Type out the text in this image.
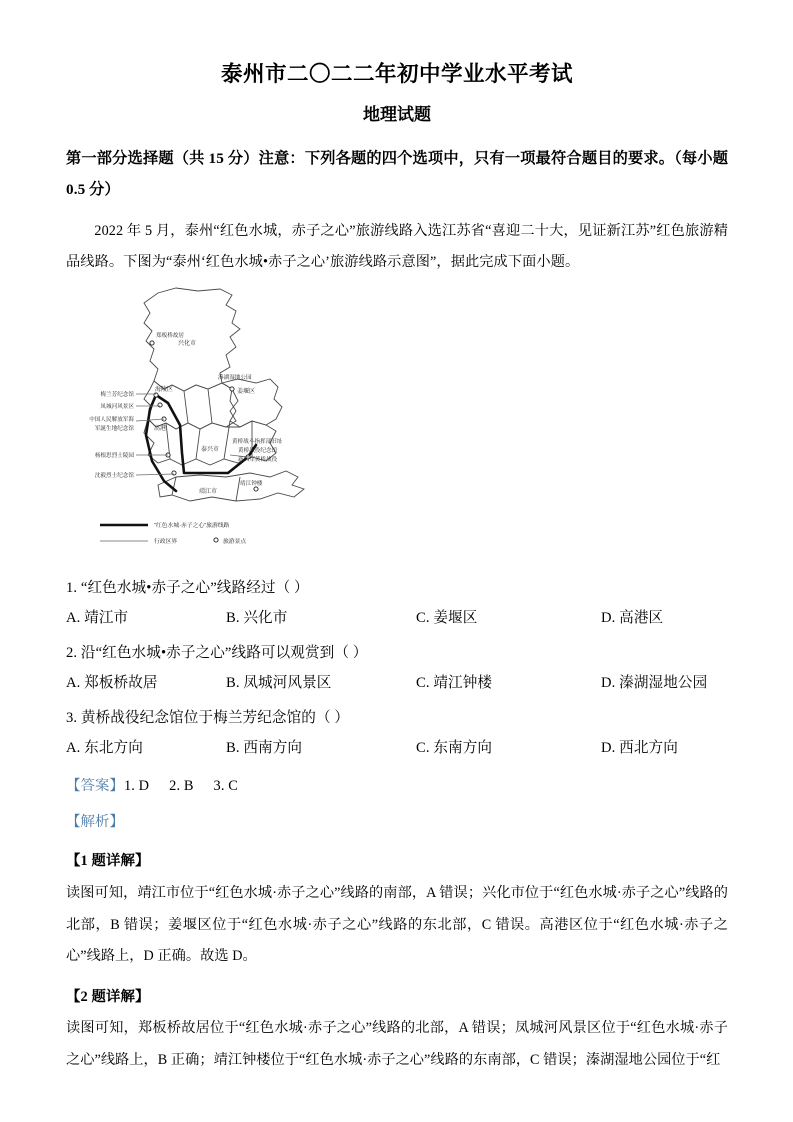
泰州市二〇二二年初中学业水平考试
地理试题
第一部分选择题（共 15 分）注意：下列各题的四个选项中，只有一项最符合题目的要求。（每小题 0.5 分）
2022 年 5 月，泰州“红色水城，赤子之心”旅游线路入选江苏省“喜迎二十大，见证新江苏”红色旅游精品线路。下图为“泰州‘红色水城•赤子之心’旅游线路示意图”，据此完成下面小题。
兴化市
海陵区	姜堰区
高港
泰兴市
靖江市
梅兰芳纪念馆
凤城河风景区
中国人民解放军海
军誕生地纪念馆
杨根思烈士陵园
沈毅烈士纪念馆
郑板桥故居
溱湖湿地公园
黄桥战斗指挥部旧址
黄桥战役纪念馆
新四军黄桥战役
靖江钟楼
“红色水城·赤子之心”旅游线路
行政区界	旅游景点
1. “红色水城•赤子之心”线路经过（ ）
A. 靖江市	B. 兴化市	C. 姜堰区	D. 高港区
2. 沿“红色水城•赤子之心”线路可以观赏到（ ）
A. 郑板桥故居	B. 凤城河风景区	C. 靖江钟楼	D. 溱湖湿地公园
3. 黄桥战役纪念馆位于梅兰芳纪念馆的（ ）
A. 东北方向	B. 西南方向	C. 东南方向	D. 西北方向
【答案】1. D 2. B 3. C
【解析】
【1 题详解】
读图可知，靖江市位于“红色水城·赤子之心”线路的南部，A 错误；兴化市位于“红色水城·赤子之心”线路的北部，B 错误；姜堰区位于“红色水城·赤子之心”线路的东北部，C 错误。高港区位于“红色水城·赤子之心”线路上，D 正确。故选 D。
【2 题详解】
读图可知，郑板桥故居位于“红色水城·赤子之心”线路的北部，A 错误；凤城河风景区位于“红色水城·赤子之心”线路上，B 正确；靖江钟楼位于“红色水城·赤子之心”线路的东南部，C 错误；溱湖湿地公园位于“红
